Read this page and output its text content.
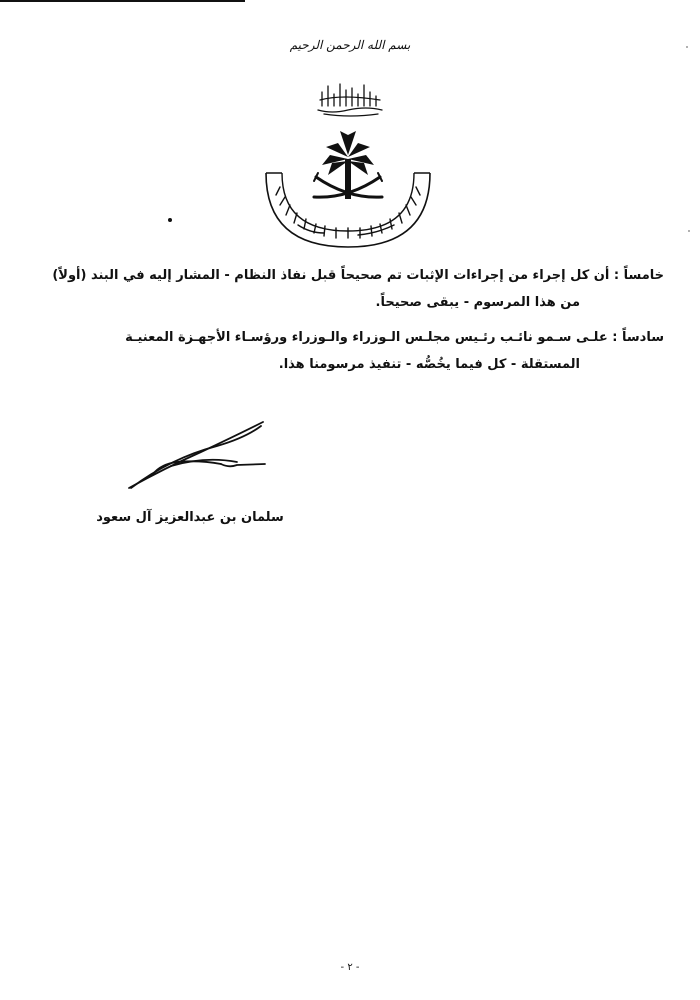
بسم الله الرحمن الرحيم
خامساً : أن كل إجراء من إجراءات الإثبات تم صحيحاً قبل نفاذ النظام - المشار إليه في البند (أولاً)
من هذا المرسوم - يبقى صحيحاً.
سادساً : علـى سـمو نائـب رئـيس مجلـس الـوزراء والـوزراء ورؤسـاء الأجهـزة المعنيـة
المستقلة - كل فيما يخُصُّه - تنفيذ مرسومنا هذا.
سلمان بن عبدالعزيز آل سعود
- ٢ -
